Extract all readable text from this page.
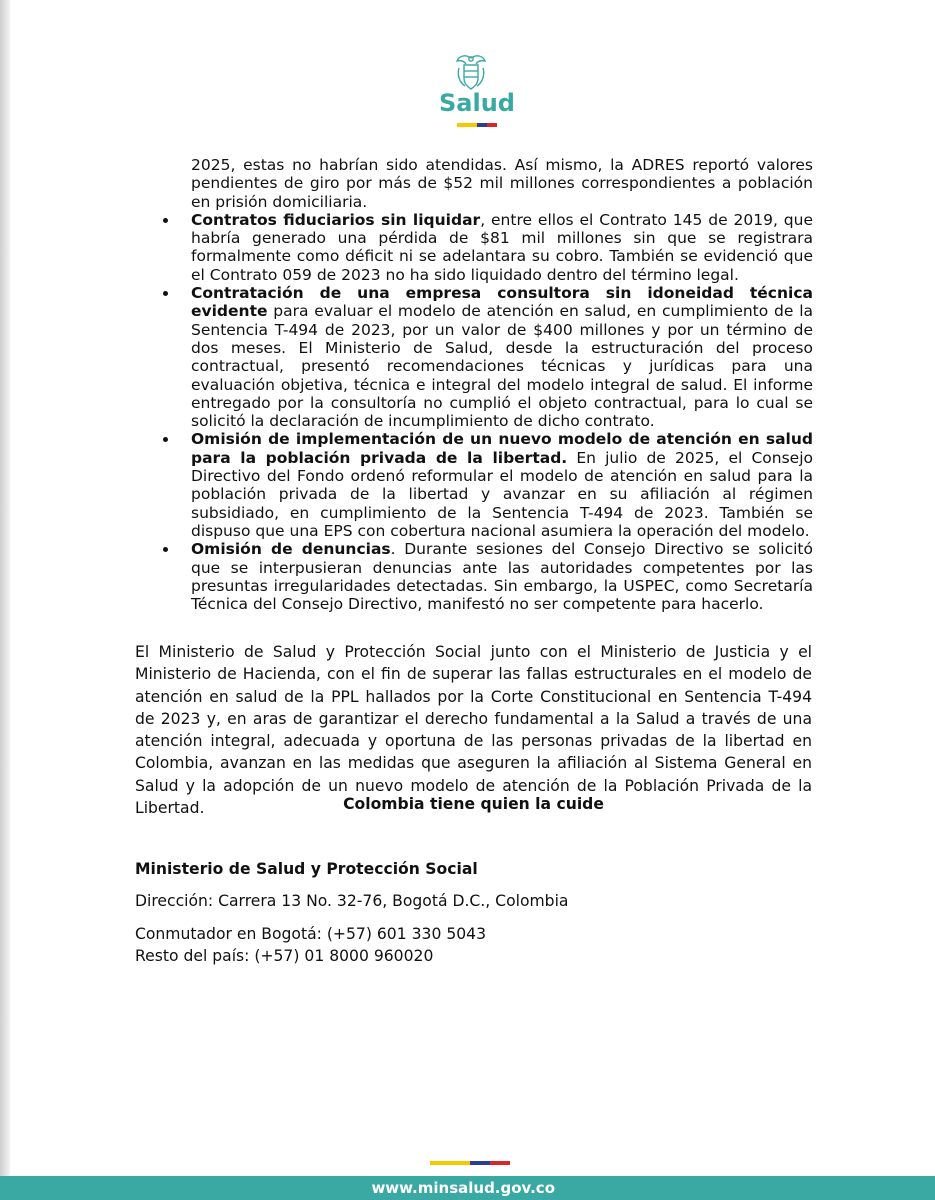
Salud
2025, estas no habrían sido atendidas. Así mismo, la ADRES reportó valores pendientes de giro por más de $52 mil millones correspondientes a población en prisión domiciliaria.
Contratos fiduciarios sin liquidar, entre ellos el Contrato 145 de 2019, que habría generado una pérdida de $81 mil millones sin que se registrara formalmente como déficit ni se adelantara su cobro. También se evidenció que el Contrato 059 de 2023 no ha sido liquidado dentro del término legal.
Contratación de una empresa consultora sin idoneidad técnica evidente para evaluar el modelo de atención en salud, en cumplimiento de la Sentencia T-494 de 2023, por un valor de $400 millones y por un término de dos meses. El Ministerio de Salud, desde la estructuración del proceso contractual, presentó recomendaciones técnicas y jurídicas para una evaluación objetiva, técnica e integral del modelo integral de salud. El informe entregado por la consultoría no cumplió el objeto contractual, para lo cual se solicitó la declaración de incumplimiento de dicho contrato.
Omisión de implementación de un nuevo modelo de atención en salud para la población privada de la libertad. En julio de 2025, el Consejo Directivo del Fondo ordenó reformular el modelo de atención en salud para la población privada de la libertad y avanzar en su afiliación al régimen subsidiado, en cumplimiento de la Sentencia T-494 de 2023. También se dispuso que una EPS con cobertura nacional asumiera la operación del modelo.
Omisión de denuncias. Durante sesiones del Consejo Directivo se solicitó que se interpusieran denuncias ante las autoridades competentes por las presuntas irregularidades detectadas. Sin embargo, la USPEC, como Secretaría Técnica del Consejo Directivo, manifestó no ser competente para hacerlo.

El Ministerio de Salud y Protección Social junto con el Ministerio de Justicia y el Ministerio de Hacienda, con el fin de superar las fallas estructurales en el modelo de atención en salud de la PPL hallados por la Corte Constitucional en Sentencia T-494 de 2023 y, en aras de garantizar el derecho fundamental a la Salud a través de una atención integral, adecuada y oportuna de las personas privadas de la libertad en Colombia, avanzan en las medidas que aseguren la afiliación al Sistema General en Salud y la adopción de un nuevo modelo de atención de la Población Privada de la Libertad.	Colombia tiene quien la cuide

Ministerio de Salud y Protección Social

Dirección: Carrera 13 No. 32-76, Bogotá D.C., Colombia

Conmutador en Bogotá: (+57) 601 330 5043

Resto del país: (+57) 01 8000 960020

www.minsalud.gov.co
